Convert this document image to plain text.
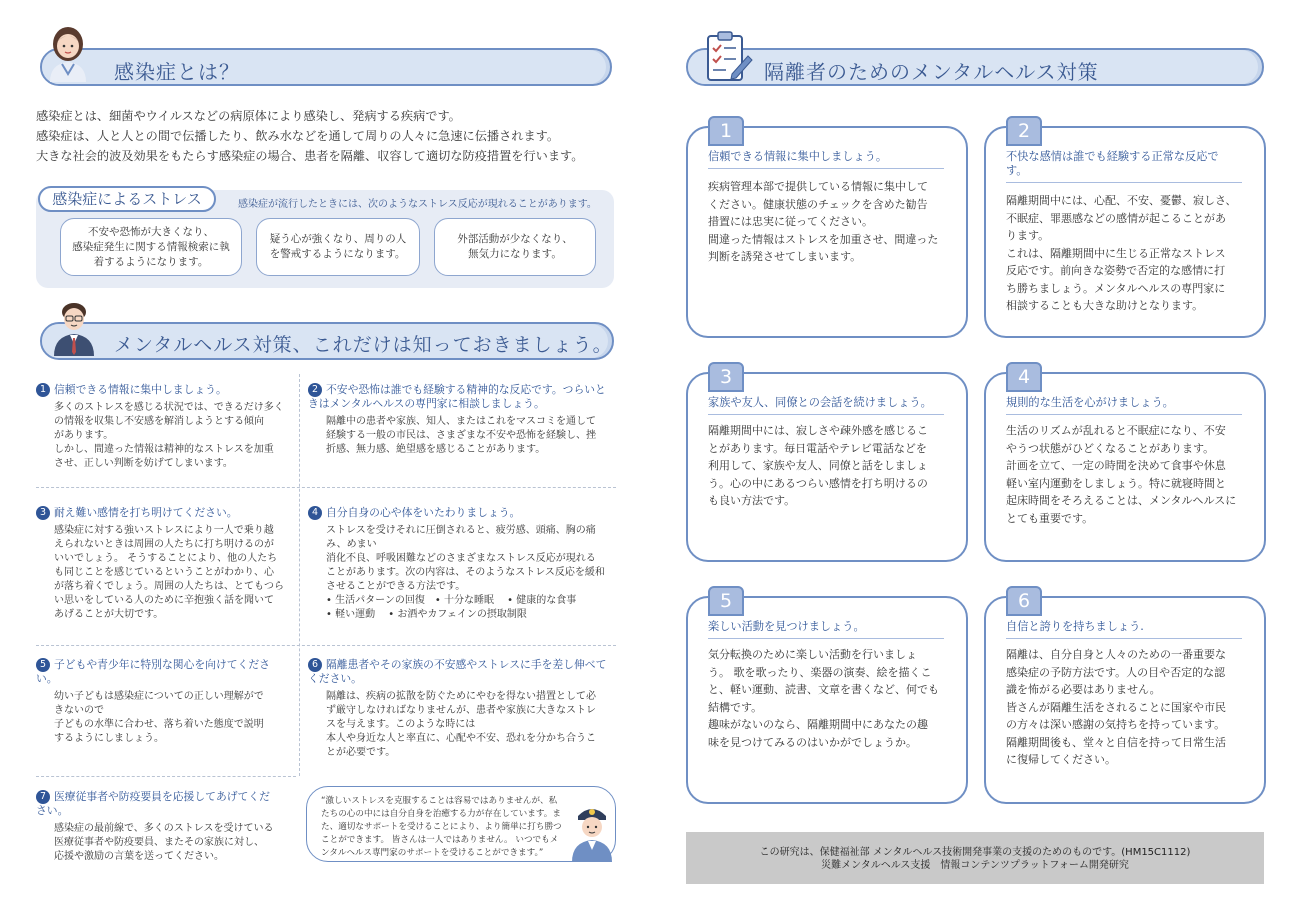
感染症とは？
感染症とは、細菌やウイルスなどの病原体により感染し、発病する疾病です。
感染症は、人と人との間で伝播したり、飲み水などを通して周りの人々に急速に伝播されます。
大きな社会的波及効果をもたらす感染症の場合、患者を隔離、収容して適切な防疫措置を行います。
感染症によるストレス	感染症が流行したときには、次のようなストレス反応が現れることがあります。
不安や恐怖が大きくなり、
感染症発生に関する情報検索に執
着するようになります。
疑う心が強くなり、周りの人
を警戒するようになります。
外部活動が少なくなり、
無気力になります。
メンタルヘルス対策、これだけは知っておきましょう。
1 信頼できる情報に集中しましょう。
多くのストレスを感じる状況では、できるだけ多く
の情報を収集し不安感を解消しようとする傾向
があります。
しかし、間違った情報は精神的なストレスを加重
させ、正しい判断を妨げてしまいます。
2 不安や恐怖は誰でも経験する精神的な反応です。つらいと
きはメンタルヘルスの専門家に相談しましょう。
隔離中の患者や家族、知人、またはこれをマスコミを通して
経験する一般の市民は、さまざまな不安や恐怖を経験し、挫
折感、無力感、絶望感を感じることがあります。
3 耐え難い感情を打ち明けてください。
感染症に対する強いストレスにより一人で乗り越
えられないときは周囲の人たちに打ち明けるのが
いいでしょう。 そうすることにより、他の人たち
も同じことを感じているということがわかり、心
が落ち着くでしょう。周囲の人たちは、とてもつら
い思いをしている人のために辛抱強く話を聞いて
あげることが大切です。
4 自分自身の心や体をいたわりましょう。
ストレスを受けそれに圧倒されると、疲労感、頭痛、胸の痛
み、めまい
消化不良、呼吸困難などのさまざまなストレス反応が現れる
ことがあります。次の内容は、そのようなストレス反応を緩和
させることができる方法です。
• 生活パターンの回復　• 十分な睡眠　 • 健康的な食事
• 軽い運動　 • お酒やカフェインの摂取制限
5 子どもや青少年に特別な関心を向けてくださ
い。
幼い子どもは感染症についての正しい理解がで
きないので
子どもの水準に合わせ、落ち着いた態度で説明
するようにしましょう。
6 隔離患者やその家族の不安感やストレスに手を差し伸べて
ください。
隔離は、疾病の拡散を防ぐためにやむを得ない措置として必
ず厳守しなければなりませんが、患者や家族に大きなストレ
スを与えます。このような時には
本人や身近な人と率直に、心配や不安、恐れを分かち合うこ
とが必要です。
7 医療従事者や防疫要員を応援してあげてくだ
さい。
感染症の最前線で、多くのストレスを受けている
医療従事者や防疫要員、またその家族に対し、
応援や激励の言葉を送ってください。
“激しいストレスを克服することは容易ではありませんが、私たちの心の中には自分自身を治癒する力が存在しています。また、適切なサポートを受けることにより、より簡単に打ち勝つことができます。 皆さんは一人ではありません。 いつでもメンタルヘルス専門家のサポートを受けることができます。”
隔離者のためのメンタルヘルス対策
1
信頼できる情報に集中しましょう。
疾病管理本部で提供している情報に集中して
ください。健康状態のチェックを含めた勧告
措置には忠実に従ってください。
間違った情報はストレスを加重させ、間違った
判断を誘発させてしまいます。
2
不快な感情は誰でも経験する正常な反応で
す。
隔離期間中には、心配、不安、憂鬱、寂しさ、
不眠症、罪悪感などの感情が起こることがあ
ります。
これは、隔離期間中に生じる正常なストレス
反応です。前向きな姿勢で否定的な感情に打
ち勝ちましょう。メンタルヘルスの専門家に
相談することも大きな助けとなります。
3
家族や友人、同僚との会話を続けましょう。
隔離期間中には、寂しさや疎外感を感じるこ
とがあります。毎日電話やテレビ電話などを
利用して、家族や友人、同僚と話をしましょ
う。心の中にあるつらい感情を打ち明けるの
も良い方法です。
4
規則的な生活を心がけましょう。
生活のリズムが乱れると不眠症になり、不安
やうつ状態がひどくなることがあります。
計画を立て、一定の時間を決めて食事や休息
軽い室内運動をしましょう。特に就寝時間と
起床時間をそろえることは、メンタルヘルスに
とても重要です。
5
楽しい活動を見つけましょう。
気分転換のために楽しい活動を行いましょ
う。 歌を歌ったり、楽器の演奏、絵を描くこ
と、軽い運動、読書、文章を書くなど、何でも
結構です。
趣味がないのなら、隔離期間中にあなたの趣
味を見つけてみるのはいかがでしょうか。
6
自信と誇りを持ちましょう.
隔離は、自分自身と人々のための一番重要な
感染症の予防方法です。人の目や否定的な認
識を怖がる必要はありません。
皆さんが隔離生活をされることに国家や市民
の方々は深い感謝の気持ちを持っています。
隔離期間後も、堂々と自信を持って日常生活
に復帰してください。
この研究は、保健福祉部 メンタルヘルス技術開発事業の支援のためのものです。(HM15C1112)
災難メンタルヘルス支援　情報コンテンツプラットフォーム開発研究
